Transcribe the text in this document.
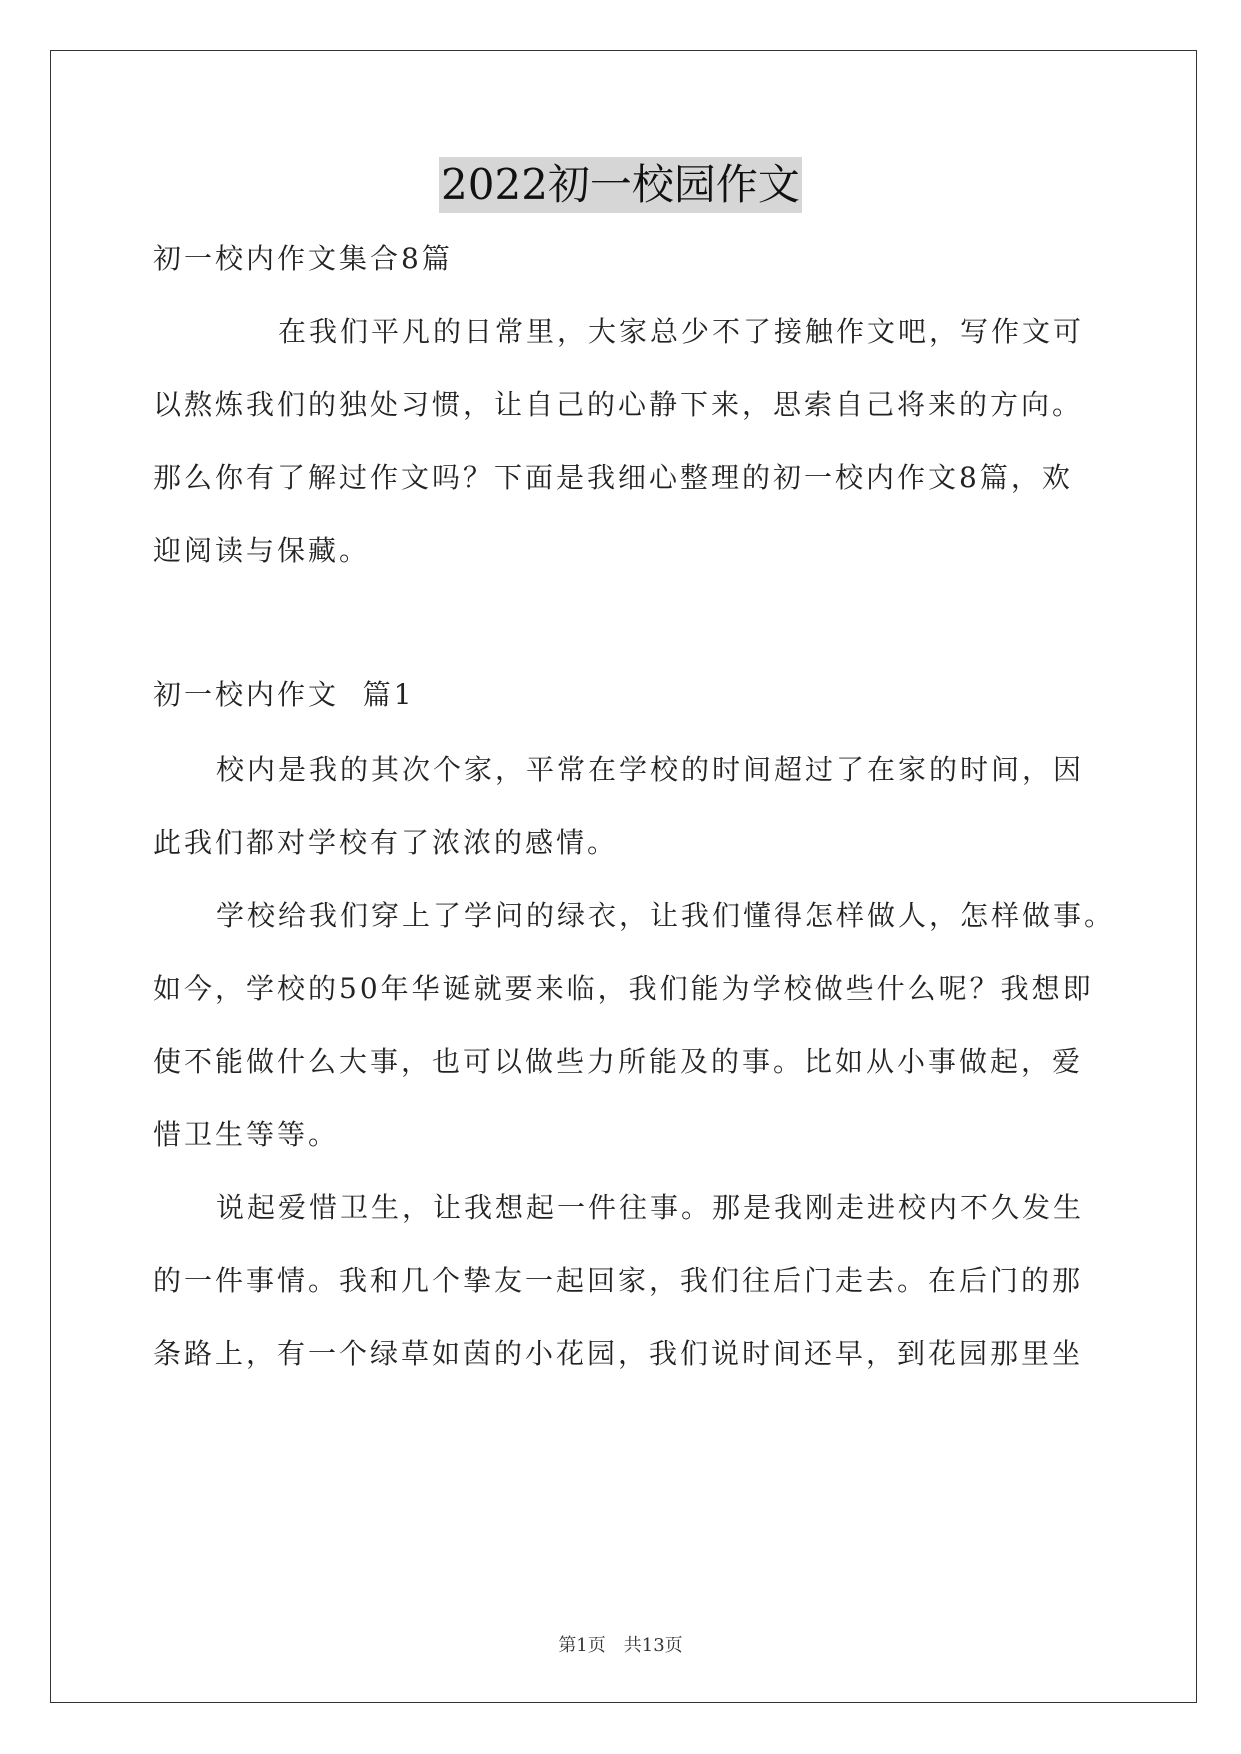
2022初一校园作文

初一校内作文集合8篇

在我们平凡的日常里，大家总少不了接触作文吧，写作文可

以熬炼我们的独处习惯，让自己的心静下来，思索自己将来的方向。

那么你有了解过作文吗？下面是我细心整理的初一校内作文8篇，欢

迎阅读与保藏。

初一校内作文  篇1

校内是我的其次个家，平常在学校的时间超过了在家的时间，因

此我们都对学校有了浓浓的感情。

学校给我们穿上了学问的绿衣，让我们懂得怎样做人，怎样做事。

如今，学校的50年华诞就要来临，我们能为学校做些什么呢？我想即

使不能做什么大事，也可以做些力所能及的事。比如从小事做起，爱

惜卫生等等。

说起爱惜卫生，让我想起一件往事。那是我刚走进校内不久发生

的一件事情。我和几个挚友一起回家，我们往后门走去。在后门的那

条路上，有一个绿草如茵的小花园，我们说时间还早，到花园那里坐

第1页　共13页
